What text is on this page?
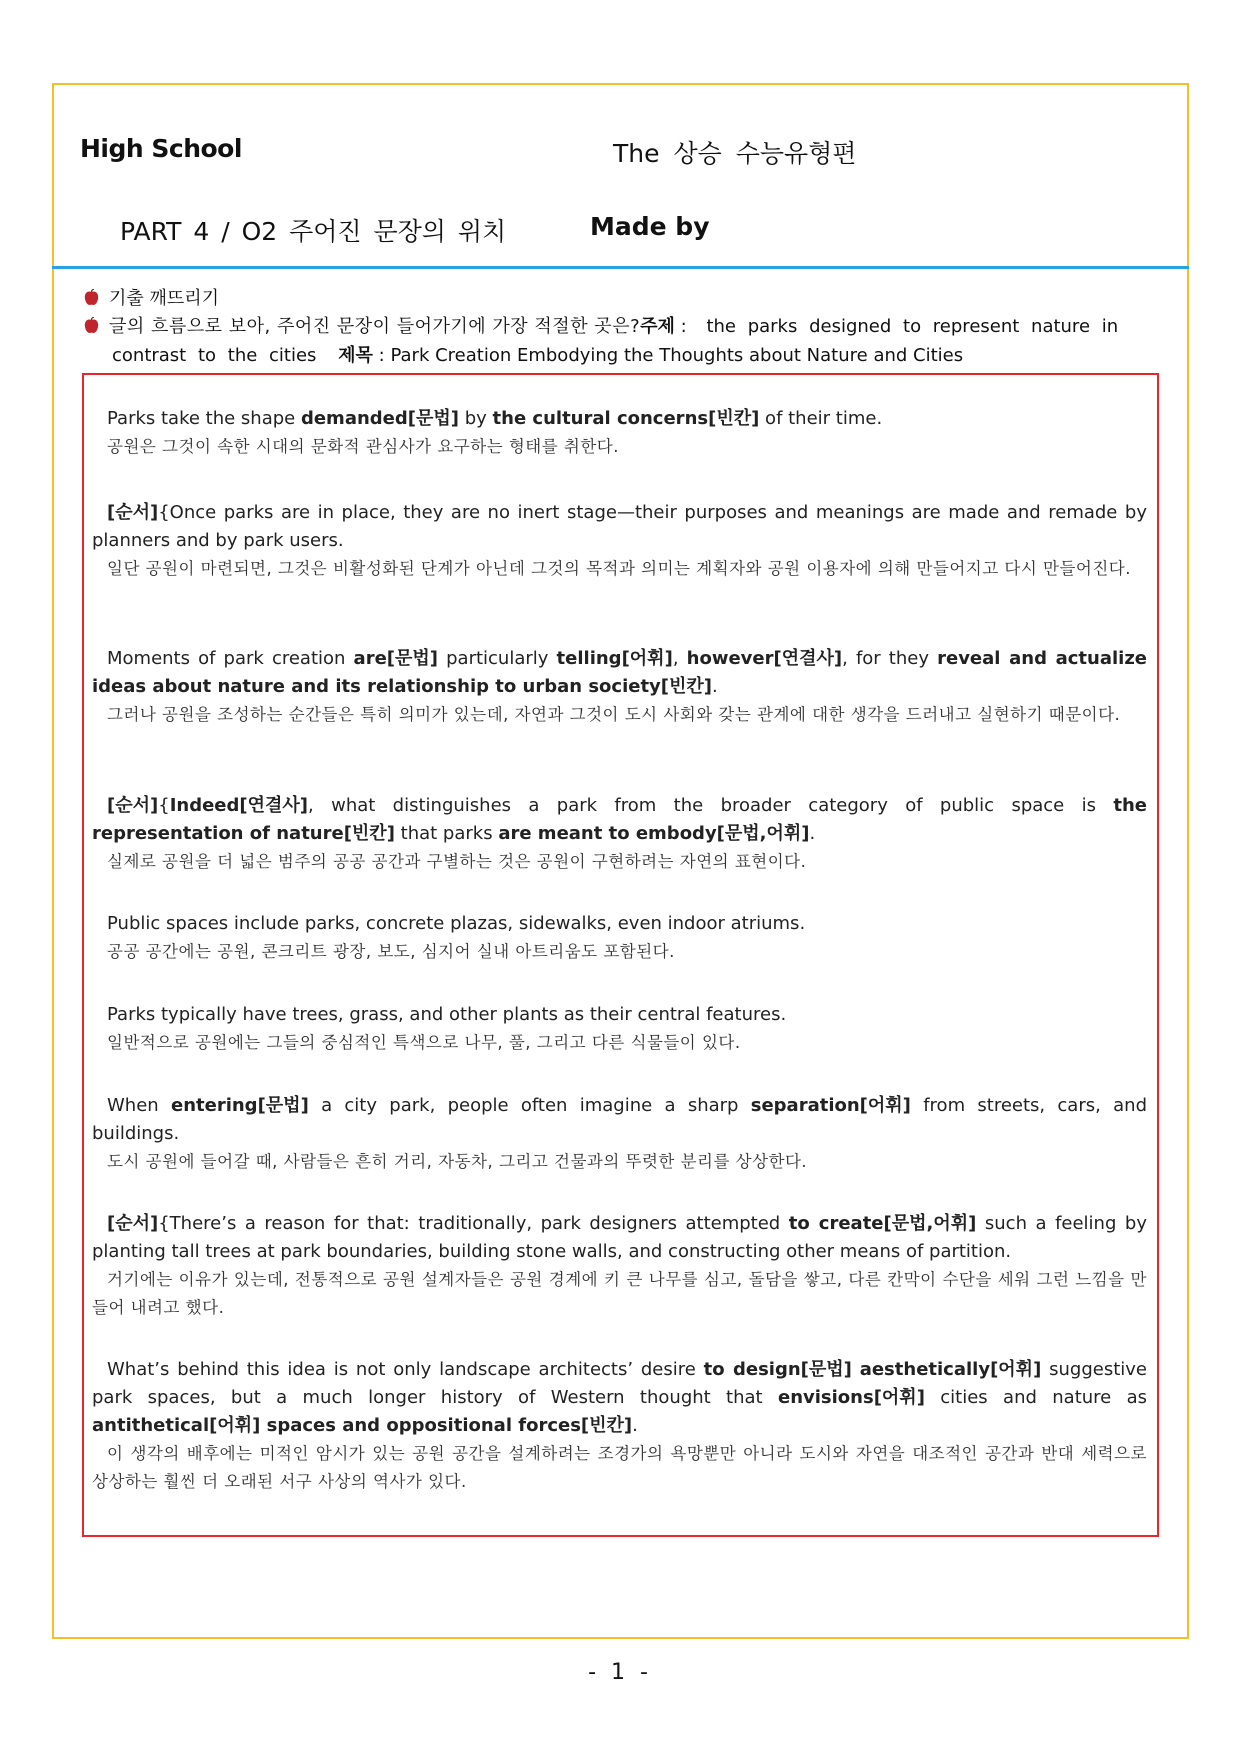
High School	The 상승 수능유형편
PART 4 / O2 주어진 문장의 위치	Made by
기출 깨뜨리기
글의 흐름으로 보아, 주어진 문장이 들어가기에 가장 적절한 곳은?주제 : the parks designed to represent nature in
contrast to the cities 제목 : Park Creation Embodying the Thoughts about Nature and Cities
Parks take the shape demanded[문법] by the cultural concerns[빈칸] of their time.
공원은 그것이 속한 시대의 문화적 관심사가 요구하는 형태를 취한다.
[순서]{Once parks are in place, they are no inert stage—their purposes and meanings are made and remade by planners and by park users.
일단 공원이 마련되면, 그것은 비활성화된 단계가 아닌데 그것의 목적과 의미는 계획자와 공원 이용자에 의해 만들어지고 다시 만들어진다.
Moments of park creation are[문법] particularly telling[어휘], however[연결사], for they reveal and actualize ideas about nature and its relationship to urban society[빈칸].
그러나 공원을 조성하는 순간들은 특히 의미가 있는데, 자연과 그것이 도시 사회와 갖는 관계에 대한 생각을 드러내고 실현하기 때문이다.
[순서]{Indeed[연결사], what distinguishes a park from the broader category of public space is the representation of nature[빈칸] that parks are meant to embody[문법,어휘].
실제로 공원을 더 넓은 범주의 공공 공간과 구별하는 것은 공원이 구현하려는 자연의 표현이다.
Public spaces include parks, concrete plazas, sidewalks, even indoor atriums.
공공 공간에는 공원, 콘크리트 광장, 보도, 심지어 실내 아트리움도 포함된다.
Parks typically have trees, grass, and other plants as their central features.
일반적으로 공원에는 그들의 중심적인 특색으로 나무, 풀, 그리고 다른 식물들이 있다.
When entering[문법] a city park, people often imagine a sharp separation[어휘] from streets, cars, and buildings.
도시 공원에 들어갈 때, 사람들은 흔히 거리, 자동차, 그리고 건물과의 뚜렷한 분리를 상상한다.
[순서]{There’s a reason for that: traditionally, park designers attempted to create[문법,어휘] such a feeling by planting tall trees at park boundaries, building stone walls, and constructing other means of partition.
거기에는 이유가 있는데, 전통적으로 공원 설계자들은 공원 경계에 키 큰 나무를 심고, 돌담을 쌓고, 다른 칸막이 수단을 세워 그런 느낌을 만들어 내려고 했다.
What’s behind this idea is not only landscape architects’ desire to design[문법] aesthetically[어휘] suggestive park spaces, but a much longer history of Western thought that envisions[어휘] cities and nature as antithetical[어휘] spaces and oppositional forces[빈칸].
이 생각의 배후에는 미적인 암시가 있는 공원 공간을 설계하려는 조경가의 욕망뿐만 아니라 도시와 자연을 대조적인 공간과 반대 세력으로 상상하는 훨씬 더 오래된 서구 사상의 역사가 있다.
- 1 -
